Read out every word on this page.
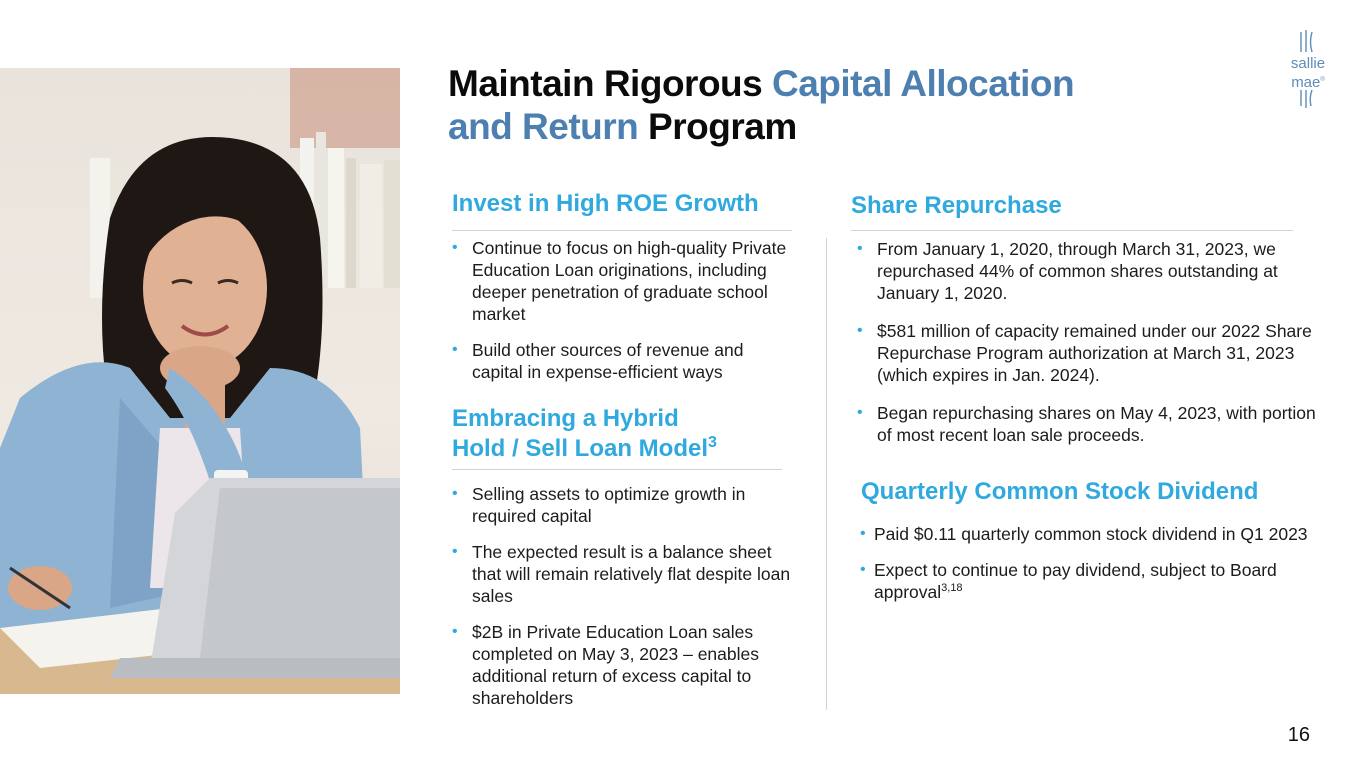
Maintain Rigorous Capital Allocation
and Return Program
sallie
mae®
Invest in High ROE Growth
• Continue to focus on high-quality Private Education Loan originations, including deeper penetration of graduate school market
• Build other sources of revenue and capital in expense-efficient ways
Embracing a Hybrid
Hold / Sell Loan Model$^3$
• Selling assets to optimize growth in required capital
• The expected result is a balance sheet that will remain relatively flat despite loan sales
• $2B in Private Education Loan sales completed on May 3, 2023 – enables additional return of excess capital to shareholders
Share Repurchase
• From January 1, 2020, through March 31, 2023, we repurchased 44% of common shares outstanding at January 1, 2020.
• $581 million of capacity remained under our 2022 Share Repurchase Program authorization at March 31, 2023 (which expires in Jan. 2024).
• Began repurchasing shares on May 4, 2023, with portion of most recent loan sale proceeds.
Quarterly Common Stock Dividend
• Paid $0.11 quarterly common stock dividend in Q1 2023
• Expect to continue to pay dividend, subject to Board approval$^{3,18}$
16
